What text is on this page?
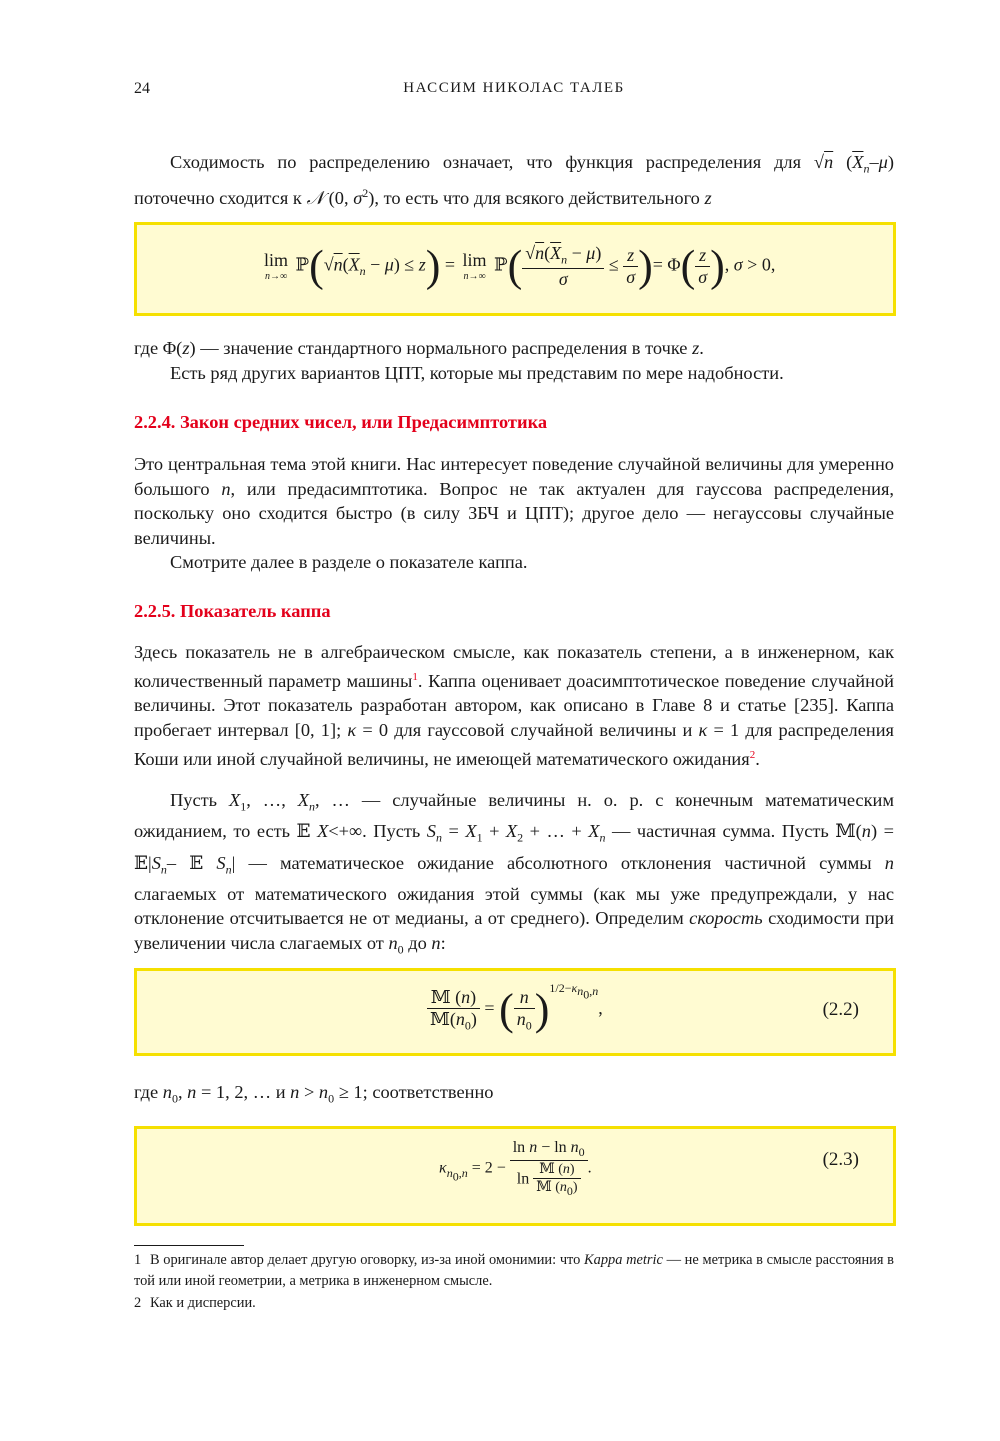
24	НАССИМ НИКОЛАС ТАЛЕБ
Сходимость по распределению означает, что функция распределения для √n $(\overline{X}_n-\mu)$ поточечно сходится к 𝒩 (0, $\sigma^2$), то есть что для всякого действительного z
lim
n→∞
$ℙ(√n(\overline{X}_n - \mu) \le z) = \lim$
n→∞
ℙ( $\frac{√n(\overline{X}_n - \mu)}{\sigma} \le \frac{z}{\sigma}$ )= $\Phi( \frac{z}{\sigma}$ ), σ > 0,
где Φ(z) — значение стандартного нормального распределения в точке z.
Есть ряд других вариантов ЦПТ, которые мы представим по мере надобности.
2.2.4. Закон средних чисел, или Предасимптотика
Это центральная тема этой книги. Нас интересует поведение случайной величины для умеренно большого n, или предасимптотика. Вопрос не так актуален для гауссова распределения, поскольку оно сходится быстро (в силу ЗБЧ и ЦПТ); другое дело — негауссовы случайные величины.
Смотрите далее в разделе о показателе каппа.
2.2.5. Показатель каппа
Здесь показатель не в алгебраическом смысле, как показатель степени, а в инженерном, как количественный параметр машины$^1$. Каппа оценивает доасимптотическое поведение случайной величины. Этот показатель разработан автором, как описано в Главе 8 и статье [235]. Каппа пробегает интервал [0, 1]; κ = 0 для гауссовой случайной величины и κ = 1 для распределения Коши или иной случайной величины, не имеющей математического ожидания$^2$.
Пусть $X_1$, …, $X_n$, … — случайные величины н. о. р. с конечным математическим ожиданием, то есть 𝔼 X<+∞. Пусть $S_n = X_1 + X_2$ + … + $X_n$ — частичная сумма. Пусть 𝕄(n) = $𝔼|S_n-$ 𝔼 $S_n|$ — математическое ожидание абсолютного отклонения частичной суммы n слагаемых от математического ожидания этой суммы (как мы уже предупреждали, у нас отклонение отсчитывается не от медианы, а от среднего). Определим скорость сходимости при увеличении числа слагаемых от $n_0$ до n:
$\frac{\text{𝕄 (n)}}{𝕄(n_0)}$ = ( $\frac{n}{n_0} )^{1/2-\kappa_{n_0,n}}$,	(2.2)
где $n_0$, n = 1, 2, … и $n > n_0 \ge 1$; соответственно
$\kappa_{n_0,n} = 2 - \frac{\ln n - \ln n_0}{\ln \frac{\text{𝕄 (n)}}{𝕄 (n_0)}}$ .	(2.3)
1 В оригинале автор делает другую оговорку, из-за иной омонимии: что Kappa metric — не метрика в смысле расстояния в той или иной геометрии, а метрика в инженерном смысле.
2 Как и дисперсии.
